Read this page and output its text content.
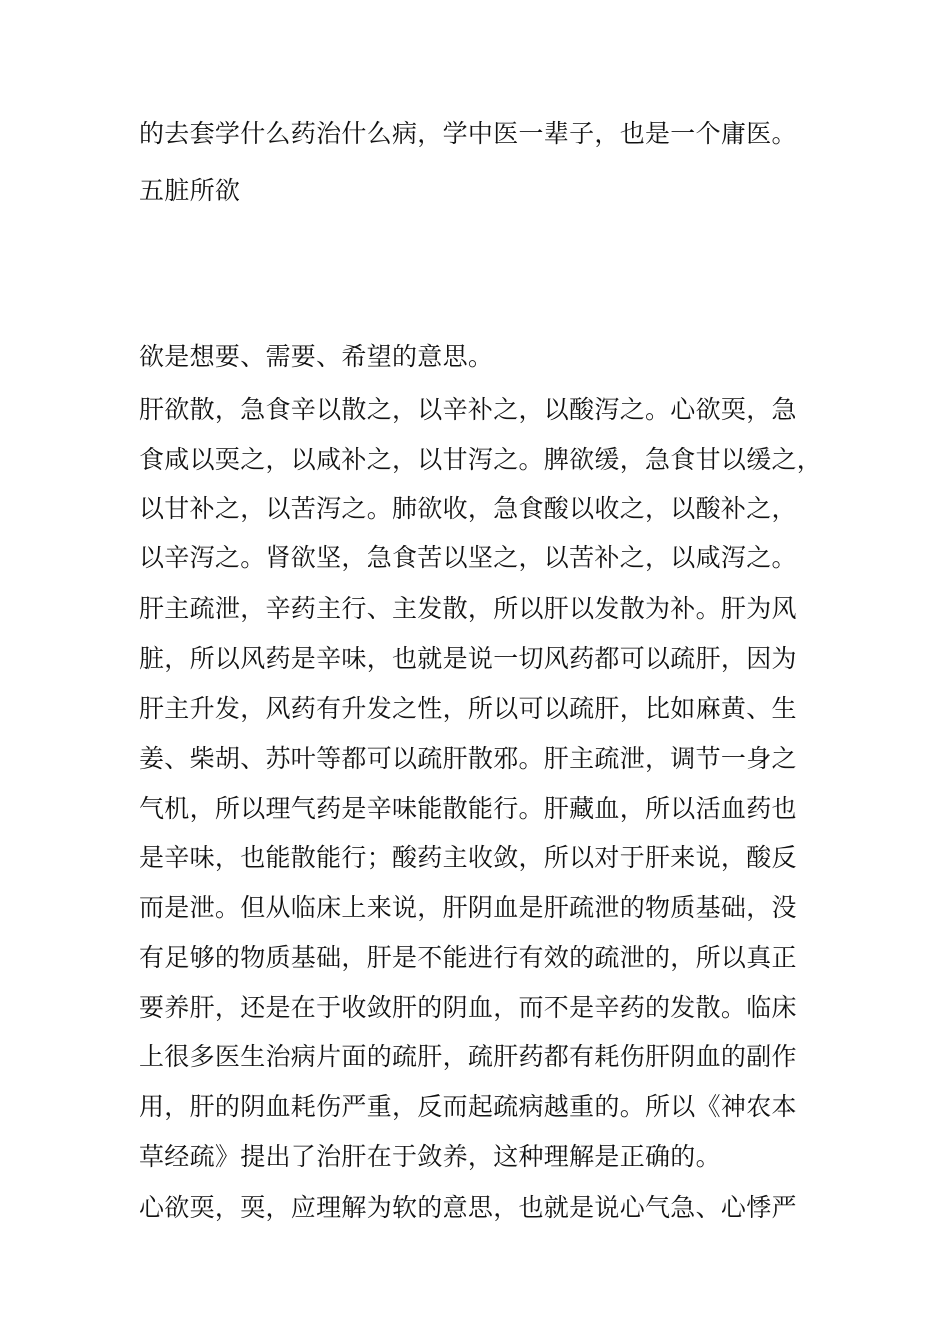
的去套学什么药治什么病，学中医一辈子，也是一个庸医。
五脏所欲
欲是想要、需要、希望的意思。
肝欲散，急食辛以散之，以辛补之，以酸泻之。心欲耎，急
食咸以耎之，以咸补之，以甘泻之。脾欲缓，急食甘以缓之，
以甘补之，以苦泻之。肺欲收，急食酸以收之，以酸补之，
以辛泻之。肾欲坚，急食苦以坚之，以苦补之，以咸泻之。
肝主疏泄，辛药主行、主发散，所以肝以发散为补。肝为风
脏，所以风药是辛味，也就是说一切风药都可以疏肝，因为
肝主升发，风药有升发之性，所以可以疏肝，比如麻黄、生
姜、柴胡、苏叶等都可以疏肝散邪。肝主疏泄，调节一身之
气机，所以理气药是辛味能散能行。肝藏血，所以活血药也
是辛味，也能散能行；酸药主收敛，所以对于肝来说，酸反
而是泄。但从临床上来说，肝阴血是肝疏泄的物质基础，没
有足够的物质基础，肝是不能进行有效的疏泄的，所以真正
要养肝，还是在于收敛肝的阴血，而不是辛药的发散。临床
上很多医生治病片面的疏肝，疏肝药都有耗伤肝阴血的副作
用，肝的阴血耗伤严重，反而起疏病越重的。所以《神农本
草经疏》提出了治肝在于敛养，这种理解是正确的。
心欲耎，耎，应理解为软的意思，也就是说心气急、心悸严
